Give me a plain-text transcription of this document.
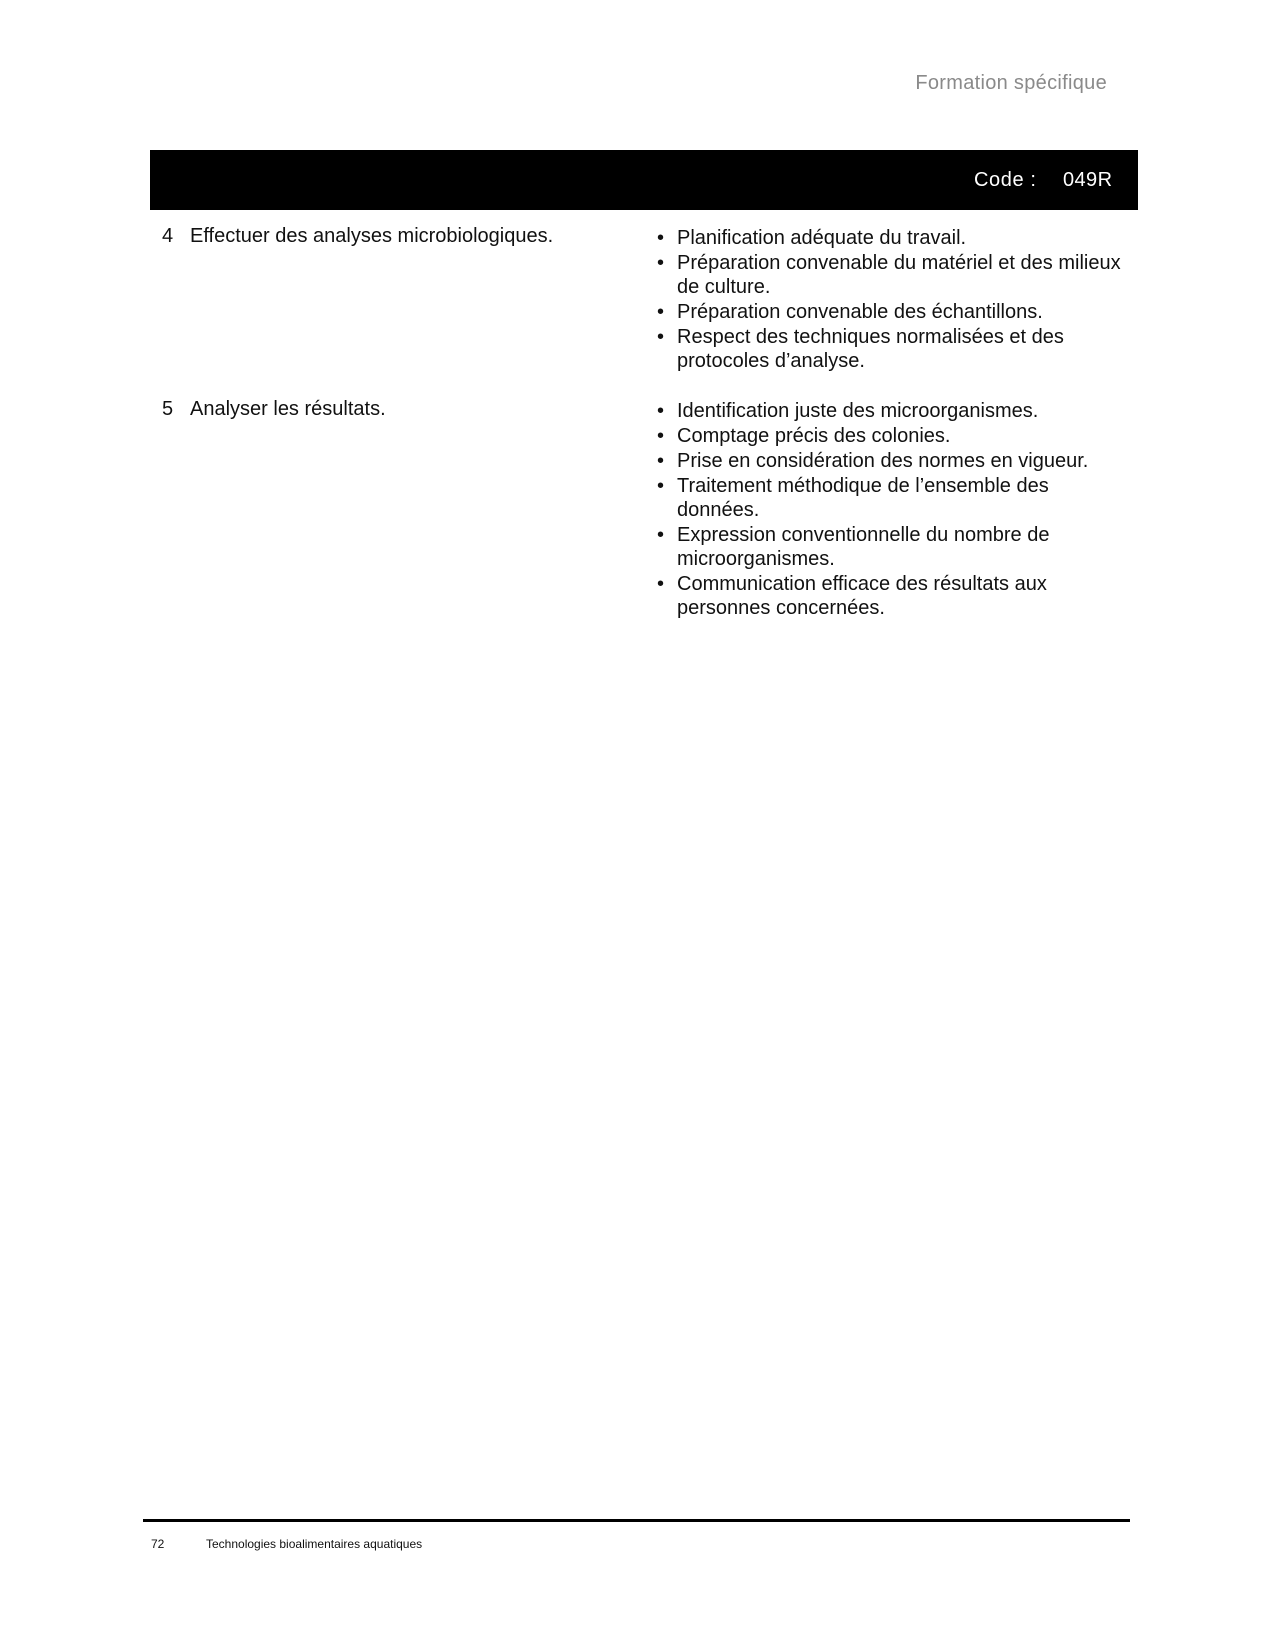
Formation spécifique
Code : 049R
4 Effectuer des analyses microbiologiques.	• Planification adéquate du travail.
• Préparation convenable du matériel et des milieux de culture.
• Préparation convenable des échantillons.
• Respect des techniques normalisées et des protocoles d’analyse.
5 Analyser les résultats.	• Identification juste des microorganismes.
• Comptage précis des colonies.
• Prise en considération des normes en vigueur.
• Traitement méthodique de l’ensemble des données.
• Expression conventionnelle du nombre de microorganismes.
• Communication efficace des résultats aux personnes concernées.
72	Technologies bioalimentaires aquatiques
